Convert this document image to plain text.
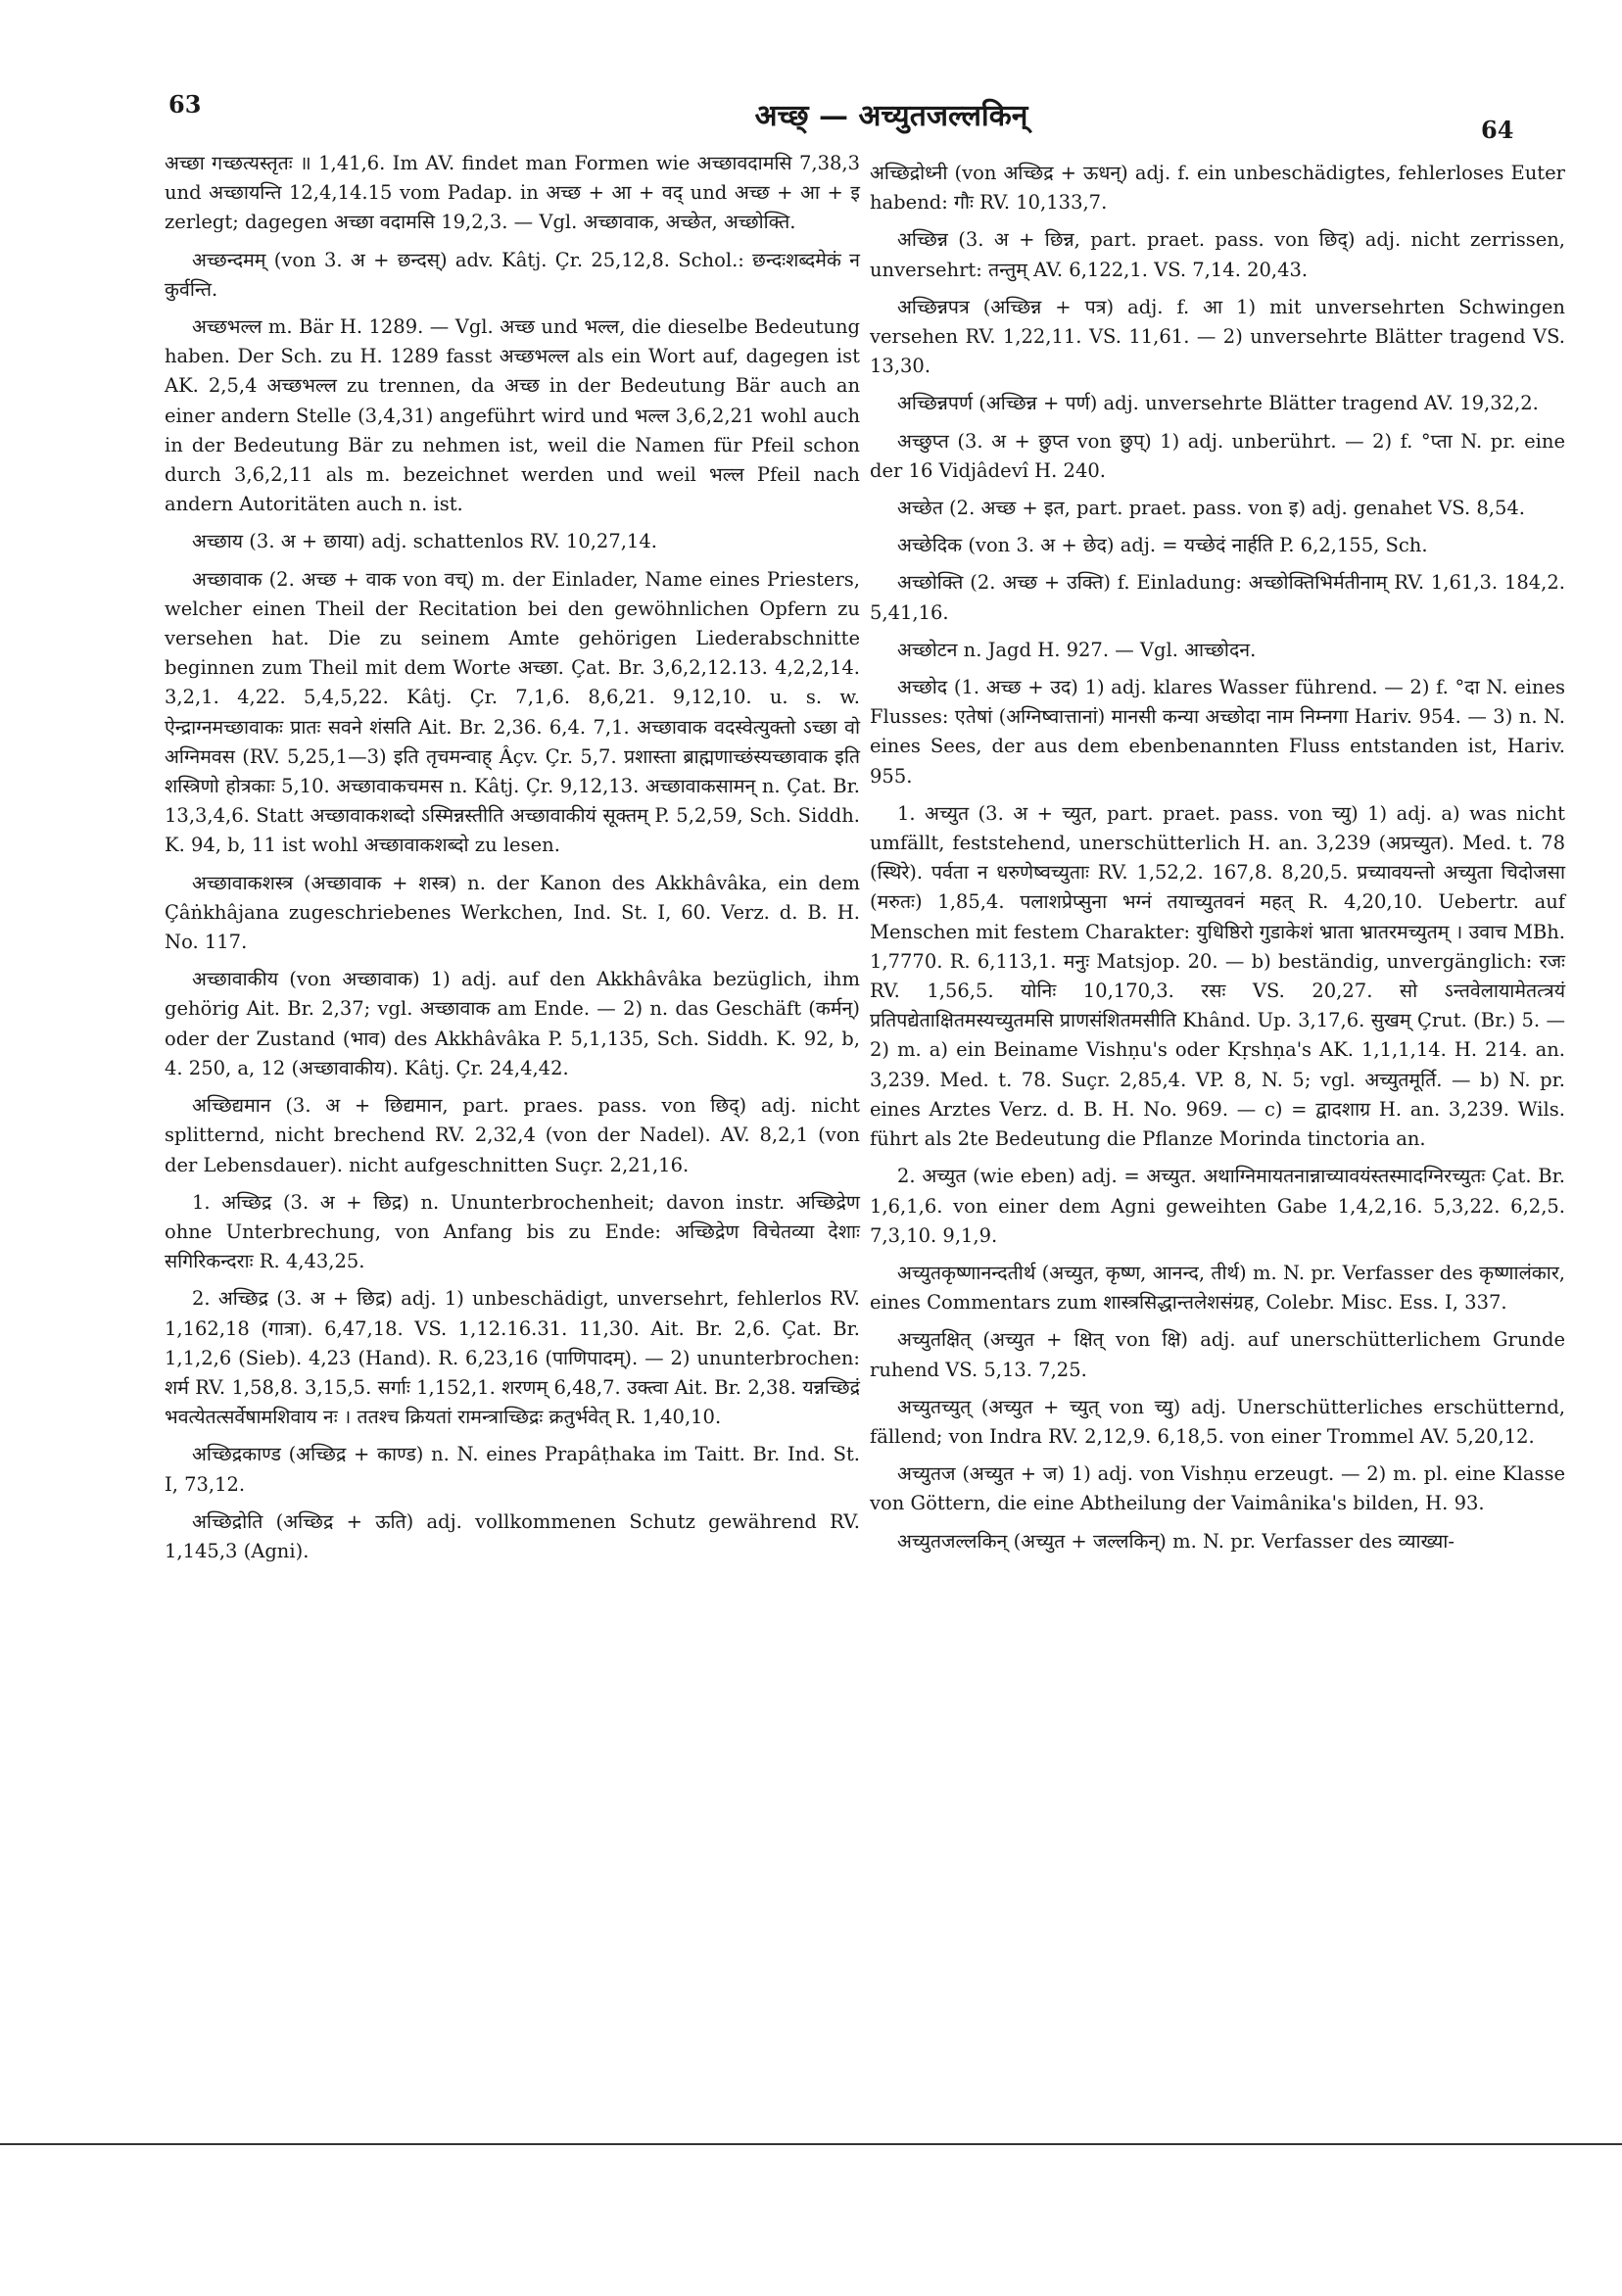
63	अच्छ् — अच्युतजल्लकिन्	64

अच्छा गच्छत्यस्तृतः ॥ 1,41,6. Im AV. findet man Formen wie अच्छावदामसि 7,38,3 und अच्छायन्ति 12,4,14.15 vom Padap. in अच्छ + आ + वद् und अच्छ + आ + इ zerlegt; dagegen अच्छा वदामसि 19,2,3. — Vgl. अच्छावाक, अच्छेत, अच्छोक्ति.

अच्छन्दमम् (von 3. अ + छन्दस्) adv. Kâtj. Çr. 25,12,8. Schol.: छन्दःशब्दमेकं न कुर्वन्ति.

अच्छभल्ल m. Bär H. 1289. — Vgl. अच्छ und भल्ल, die dieselbe Bedeutung haben. Der Sch. zu H. 1289 fasst अच्छभल्ल als ein Wort auf, dagegen ist AK. 2,5,4 अच्छभल्ल zu trennen, da अच्छ in der Bedeutung Bär auch an einer andern Stelle (3,4,31) angeführt wird und भल्ल 3,6,2,21 wohl auch in der Bedeutung Bär zu nehmen ist, weil die Namen für Pfeil schon durch 3,6,2,11 als m. bezeichnet werden und weil भल्ल Pfeil nach andern Autoritäten auch n. ist.

अच्छाय (3. अ + छाया) adj. schattenlos RV. 10,27,14.

अच्छावाक (2. अच्छ + वाक von वच्) m. der Einlader, Name eines Priesters, welcher einen Theil der Recitation bei den gewöhnlichen Opfern zu versehen hat. Die zu seinem Amte gehörigen Liederabschnitte beginnen zum Theil mit dem Worte अच्छा. Çat. Br. 3,6,2,12.13. 4,2,2,14. 3,2,1. 4,22. 5,4,5,22. Kâtj. Çr. 7,1,6. 8,6,21. 9,12,10. u. s. w. ऐन्द्राग्नमच्छावाकः प्रातः सवने शंसति Ait. Br. 2,36. 6,4. 7,1. अच्छावाक वदस्वेत्युक्तो ऽच्छा वो अग्निमवस (RV. 5,25,1—3) इति तृचमन्वाह् Âçv. Çr. 5,7. प्रशास्ता ब्राह्मणाच्छंस्यच्छावाक इति शस्त्रिणो होत्रकाः 5,10. अच्छावाकचमस n. Kâtj. Çr. 9,12,13. अच्छावाकसामन् n. Çat. Br. 13,3,4,6. Statt अच्छावाकशब्दो ऽस्मिन्नस्तीति अच्छावाकीयं सूक्तम् P. 5,2,59, Sch. Siddh. K. 94, b, 11 ist wohl अच्छावाकशब्दो zu lesen.

अच्छावाकशस्त्र (अच्छावाक + शस्त्र) n. der Kanon des Akkhâvâka, ein dem Çâṅkhâjana zugeschriebenes Werkchen, Ind. St. I, 60. Verz. d. B. H. No. 117.

अच्छावाकीय (von अच्छावाक) 1) adj. auf den Akkhâvâka bezüglich, ihm gehörig Ait. Br. 2,37; vgl. अच्छावाक am Ende. — 2) n. das Geschäft (कर्मन्) oder der Zustand (भाव) des Akkhâvâka P. 5,1,135, Sch. Siddh. K. 92, b, 4. 250, a, 12 (अच्छावाकीय). Kâtj. Çr. 24,4,42.

अच्छिद्यमान (3. अ + छिद्यमान, part. praes. pass. von छिद्) adj. nicht splitternd, nicht brechend RV. 2,32,4 (von der Nadel). AV. 8,2,1 (von der Lebensdauer). nicht aufgeschnitten Suçr. 2,21,16.

1. अच्छिद्र (3. अ + छिद्र) n. Ununterbrochenheit; davon instr. अच्छिद्रेण ohne Unterbrechung, von Anfang bis zu Ende: अच्छिद्रेण विचेतव्या देशाः सगिरिकन्दराः R. 4,43,25.

2. अच्छिद्र (3. अ + छिद्र) adj. 1) unbeschädigt, unversehrt, fehlerlos RV. 1,162,18 (गात्रा). 6,47,18. VS. 1,12.16.31. 11,30. Ait. Br. 2,6. Çat. Br. 1,1,2,6 (Sieb). 4,23 (Hand). R. 6,23,16 (पाणिपादम्). — 2) ununterbrochen: शर्म RV. 1,58,8. 3,15,5. सर्गाः 1,152,1. शरणम् 6,48,7. उक्त्वा Ait. Br. 2,38. यन्नच्छिद्रं भवत्येतत्सर्वेषामशिवाय नः । ततश्च क्रियतां रामन्त्राच्छिद्रः क्रतुर्भवेत् R. 1,40,10.

अच्छिद्रकाण्ड (अच्छिद्र + काण्ड) n. N. eines Prapâṭhaka im Taitt. Br. Ind. St. I, 73,12.

अच्छिद्रोति (अच्छिद्र + ऊति) adj. vollkommenen Schutz gewährend RV. 1,145,3 (Agni).

अच्छिद्रोध्नी (von अच्छिद्र + ऊधन्) adj. f. ein unbeschädigtes, fehlerloses Euter habend: गौः RV. 10,133,7.

अच्छिन्न (3. अ + छिन्न, part. praet. pass. von छिद्) adj. nicht zerrissen, unversehrt: तन्तुम् AV. 6,122,1. VS. 7,14. 20,43.

अच्छिन्नपत्र (अच्छिन्न + पत्र) adj. f. आ 1) mit unversehrten Schwingen versehen RV. 1,22,11. VS. 11,61. — 2) unversehrte Blätter tragend VS. 13,30.

अच्छिन्नपर्ण (अच्छिन्न + पर्ण) adj. unversehrte Blätter tragend AV. 19,32,2.

अच्छुप्त (3. अ + छुप्त von छुप्) 1) adj. unberührt. — 2) f. °प्ता N. pr. eine der 16 Vidjâdevî H. 240.

अच्छेत (2. अच्छ + इत, part. praet. pass. von इ) adj. genahet VS. 8,54.

अच्छेदिक (von 3. अ + छेद) adj. = यच्छेदं नार्हति P. 6,2,155, Sch.

अच्छोक्ति (2. अच्छ + उक्ति) f. Einladung: अच्छोक्तिभिर्मतीनाम् RV. 1,61,3. 184,2. 5,41,16.

अच्छोटन n. Jagd H. 927. — Vgl. आच्छोदन.

अच्छोद (1. अच्छ + उद) 1) adj. klares Wasser führend. — 2) f. °दा N. eines Flusses: एतेषां (अग्निष्वात्तानां) मानसी कन्या अच्छोदा नाम निम्नगा Hariv. 954. — 3) n. N. eines Sees, der aus dem ebenbenannten Fluss entstanden ist, Hariv. 955.

1. अच्युत (3. अ + च्युत, part. praet. pass. von च्यु) 1) adj. a) was nicht umfällt, feststehend, unerschütterlich H. an. 3,239 (अप्रच्युत). Med. t. 78 (स्थिरे). पर्वता न धरुणेष्वच्युताः RV. 1,52,2. 167,8. 8,20,5. प्रच्यावयन्तो अच्युता चिदोजसा (मरुतः) 1,85,4. पलाशप्रेप्सुना भग्नं तयाच्युतवनं महत् R. 4,20,10. Uebertr. auf Menschen mit festem Charakter: युधिष्ठिरो गुडाकेशं भ्राता भ्रातरमच्युतम् । उवाच MBh. 1,7770. R. 6,113,1. मनुः Matsjop. 20. — b) beständig, unvergänglich: रजः RV. 1,56,5. योनिः 10,170,3. रसः VS. 20,27. सो ऽन्तवेलायामेतत्त्रयं प्रतिपद्येताक्षितमस्यच्युतमसि प्राणसंशितमसीति Khând. Up. 3,17,6. सुखम् Çrut. (Br.) 5. — 2) m. a) ein Beiname Vishṇu's oder Kṛshṇa's AK. 1,1,1,14. H. 214. an. 3,239. Med. t. 78. Suçr. 2,85,4. VP. 8, N. 5; vgl. अच्युतमूर्ति. — b) N. pr. eines Arztes Verz. d. B. H. No. 969. — c) = द्वादशाग्र H. an. 3,239. Wils. führt als 2te Bedeutung die Pflanze Morinda tinctoria an.

2. अच्युत (wie eben) adj. = अच्युत. अथाग्निमायतनान्नाच्यावयंस्तस्मादग्निरच्युतः Çat. Br. 1,6,1,6. von einer dem Agni geweihten Gabe 1,4,2,16. 5,3,22. 6,2,5. 7,3,10. 9,1,9.

अच्युतकृष्णानन्दतीर्थ (अच्युत, कृष्ण, आनन्द, तीर्थ) m. N. pr. Verfasser des कृष्णालंकार, eines Commentars zum शास्त्रसिद्धान्तलेशसंग्रह, Colebr. Misc. Ess. I, 337.

अच्युतक्षित् (अच्युत + क्षित् von क्षि) adj. auf unerschütterlichem Grunde ruhend VS. 5,13. 7,25.

अच्युतच्युत् (अच्युत + च्युत् von च्यु) adj. Unerschütterliches erschütternd, fällend; von Indra RV. 2,12,9. 6,18,5. von einer Trommel AV. 5,20,12.

अच्युतज (अच्युत + ज) 1) adj. von Vishṇu erzeugt. — 2) m. pl. eine Klasse von Göttern, die eine Abtheilung der Vaimânika's bilden, H. 93.

अच्युतजल्लकिन् (अच्युत + जल्लकिन्) m. N. pr. Verfasser des व्याख्या-
